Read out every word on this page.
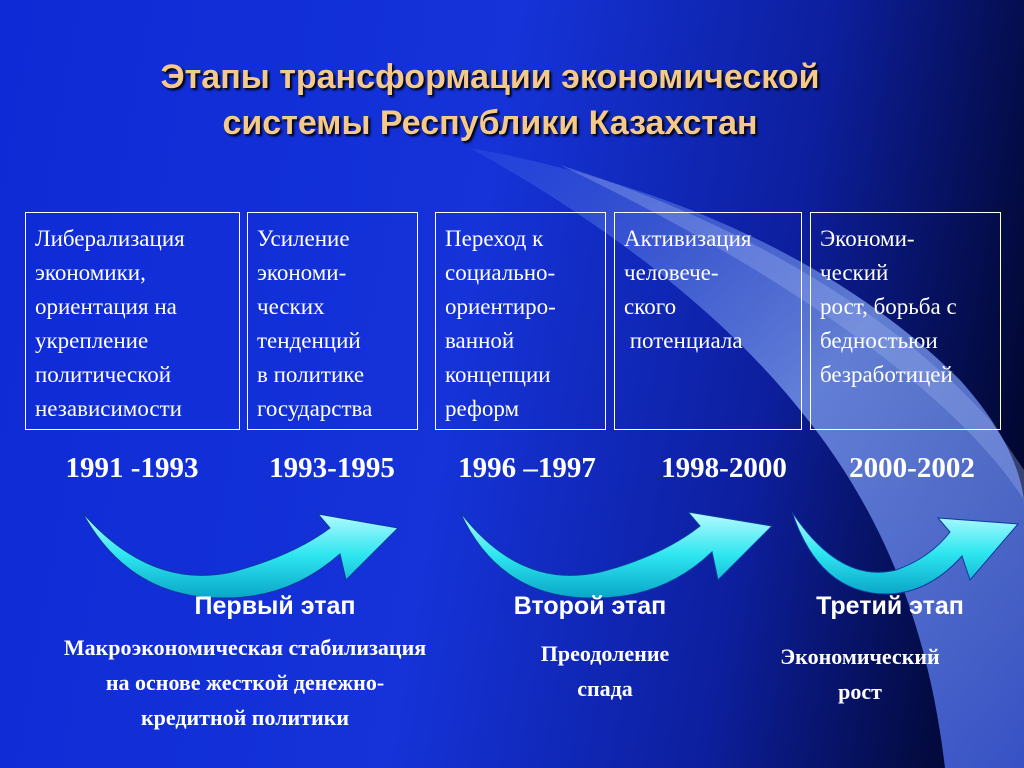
Этапы трансформации экономической
системы Республики Казахстан
Либерализация
экономики,
ориентация на
укрепление
политической
независимости
Усиление
экономи-
ческих
тенденций
в политике
государства
Переход к
социально-
ориентиро-
ванной
концепции
реформ
Активизация
человече-
ского
потенциала
Экономи-
ческий
рост, борьба с
бедностьюи
безработицей
1991 -1993	1993-1995	1996 –1997	1998-2000	2000-2002
Первый этап	Второй этап	Третий этап
Макроэкономическая стабилизация
на основе жесткой денежно-
кредитной политики
Преодоление
спада
Экономический
рост
